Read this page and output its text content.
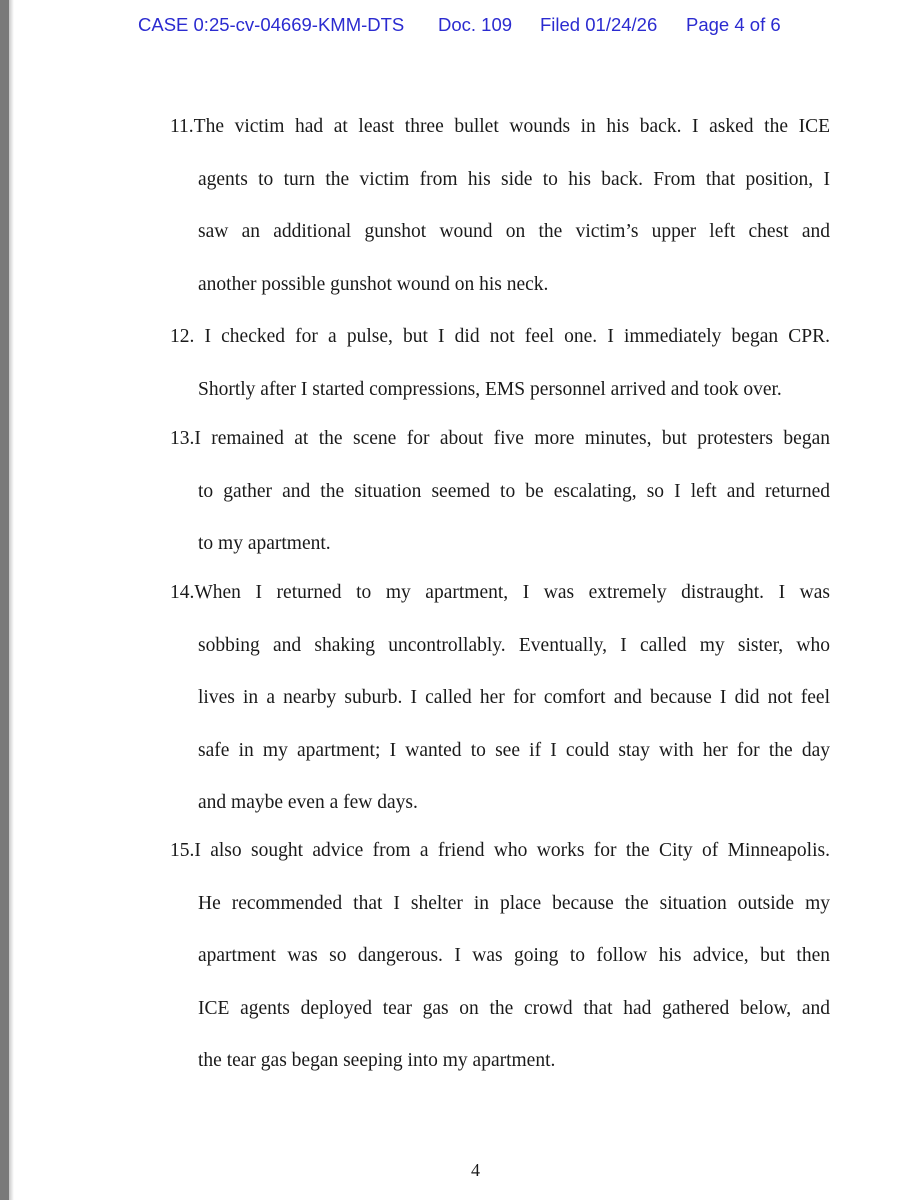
CASE 0:25-cv-04669-KMM-DTS Doc. 109 Filed 01/24/26 Page 4 of 6
11.The victim had at least three bullet wounds in his back. I asked the ICE
agents to turn the victim from his side to his back. From that position, I
saw an additional gunshot wound on the victim’s upper left chest and
another possible gunshot wound on his neck.
12. I checked for a pulse, but I did not feel one. I immediately began CPR.
Shortly after I started compressions, EMS personnel arrived and took over.
13.I remained at the scene for about five more minutes, but protesters began
to gather and the situation seemed to be escalating, so I left and returned
to my apartment.
14.When I returned to my apartment, I was extremely distraught. I was
sobbing and shaking uncontrollably. Eventually, I called my sister, who
lives in a nearby suburb. I called her for comfort and because I did not feel
safe in my apartment; I wanted to see if I could stay with her for the day
and maybe even a few days.
15.I also sought advice from a friend who works for the City of Minneapolis.
He recommended that I shelter in place because the situation outside my
apartment was so dangerous. I was going to follow his advice, but then
ICE agents deployed tear gas on the crowd that had gathered below, and
the tear gas began seeping into my apartment.
4
